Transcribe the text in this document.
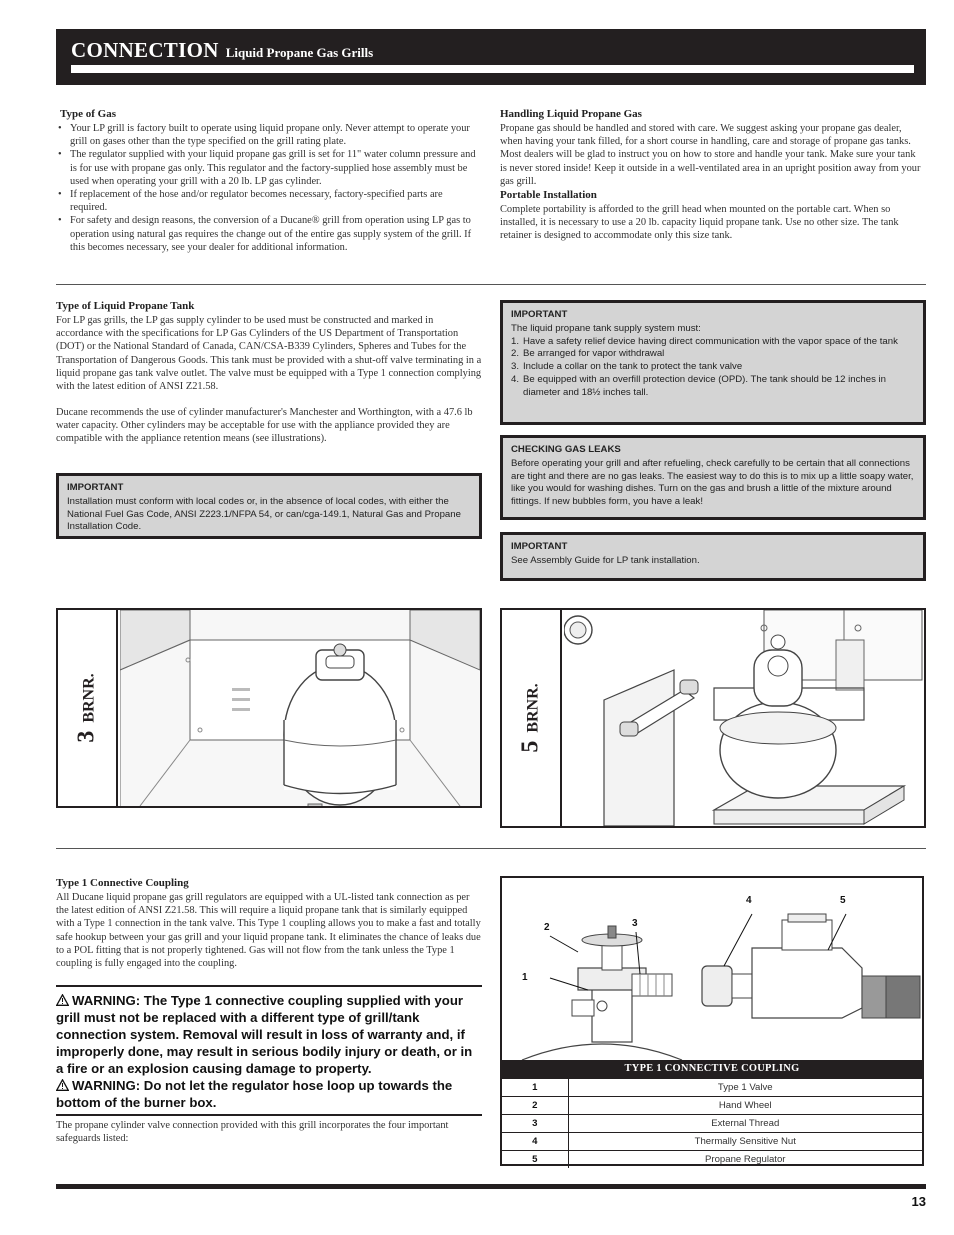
CONNECTION Liquid Propane Gas Grills
Type of Gas
• Your LP grill is factory built to operate using liquid propane only. Never attempt to operate your grill on gases other than the type specified on the grill rating plate.
• The regulator supplied with your liquid propane gas grill is set for 11" water column pressure and is for use with propane gas only. This regulator and the factory-supplied hose assembly must be used when operating your grill with a 20 lb. LP gas cylinder.
• If replacement of the hose and/or regulator becomes necessary, factory-specified parts are required.
• For safety and design reasons, the conversion of a Ducane® grill from operation using LP gas to operation using natural gas requires the change out of the entire gas supply system of the grill. If this becomes necessary, see your dealer for additional information.
Handling Liquid Propane Gas
Propane gas should be handled and stored with care. We suggest asking your propane gas dealer, when having your tank filled, for a short course in handling, care and storage of propane gas tanks. Most dealers will be glad to instruct you on how to store and handle your tank. Make sure your tank is never stored inside! Keep it outside in a well-ventilated area in an upright position away from your gas grill.
Portable Installation
Complete portability is afforded to the grill head when mounted on the portable cart. When so installed, it is necessary to use a 20 lb. capacity liquid propane tank. Use no other size. The tank retainer is designed to accommodate only this size tank.
Type of Liquid Propane Tank
For LP gas grills, the LP gas supply cylinder to be used must be constructed and marked in accordance with the specifications for LP Gas Cylinders of the US Department of Transportation (DOT) or the National Standard of Canada, CAN/CSA-B339 Cylinders, Spheres and Tubes for the Transportation of Dangerous Goods. This tank must be provided with a shut-off valve terminating in a liquid propane gas tank valve outlet. The valve must be equipped with a Type 1 connection complying with the latest edition of ANSI Z21.58.
Ducane recommends the use of cylinder manufacturer's Manchester and Worthington, with a 47.6 lb water capacity. Other cylinders may be acceptable for use with the appliance provided they are compatible with the appliance retention means (see illustrations).
IMPORTANT
Installation must conform with local codes or, in the absence of local codes, with either the National Fuel Gas Code, ANSI Z223.1/NFPA 54, or can/cga-149.1, Natural Gas and Propane Installation Code.
IMPORTANT
The liquid propane tank supply system must:
1. Have a safety relief device having direct communication with the vapor space of the tank
2. Be arranged for vapor withdrawal
3. Include a collar on the tank to protect the tank valve
4. Be equipped with an overfill protection device (OPD). The tank should be 12 inches in diameter and 18½ inches tall.
CHECKING GAS LEAKS
Before operating your grill and after refueling, check carefully to be certain that all connections are tight and there are no gas leaks. The easiest way to do this is to mix up a little soapy water, like you would for washing dishes. Turn on the gas and brush a little of the mixture around fittings. If new bubbles form, you have a leak!
IMPORTANT
See Assembly Guide for LP tank installation.
3
BRNR.
5
BRNR.
Type 1 Connective Coupling
All Ducane liquid propane gas grill regulators are equipped with a UL-listed tank connection as per the latest edition of ANSI Z21.58. This will require a liquid propane tank that is similarly equipped with a Type 1 connection in the tank valve. This Type 1 coupling allows you to make a fast and totally safe hookup between your gas grill and your liquid propane tank. It eliminates the chance of leaks due to a POL fitting that is not properly tightened. Gas will not flow from the tank unless the Type 1 coupling is fully engaged into the coupling.
WARNING: The Type 1 connective coupling supplied with your grill must not be replaced with a different type of grill/tank connection system. Removal will result in loss of warranty and, if improperly done, may result in serious bodily injury or death, or in a fire or an explosion causing damage to property.
WARNING: Do not let the regulator hose loop up towards the bottom of the burner box.
The propane cylinder valve connection provided with this grill incorporates the four important safeguards listed:
1
2	3
4	5
TYPE 1 CONNECTIVE COUPLING	
1	Type 1 Valve
2	Hand Wheel
3	External Thread
4	Thermally Sensitive Nut
5	Propane Regulator
13
